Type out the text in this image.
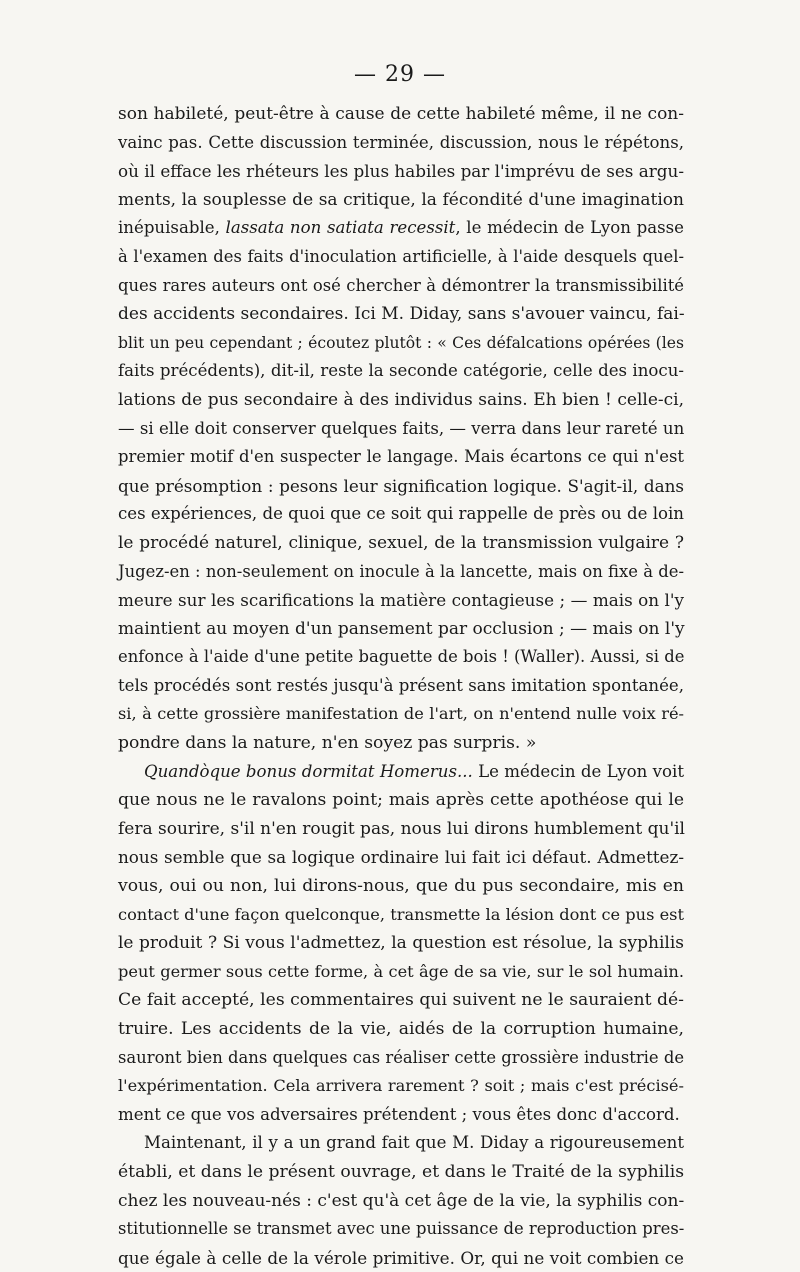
— 29 —
son habileté, peut-être à cause de cette habileté même, il ne con-
vainc pas. Cette discussion terminée, discussion, nous le répétons,
où il efface les rhéteurs les plus habiles par l'imprévu de ses argu-
ments, la souplesse de sa critique, la fécondité d'une imagination
inépuisable, lassata non satiata recessit, le médecin de Lyon passe
à l'examen des faits d'inoculation artificielle, à l'aide desquels quel-
ques rares auteurs ont osé chercher à démontrer la transmissibilité
des accidents secondaires. Ici M. Diday, sans s'avouer vaincu, fai-
blit un peu cependant ; écoutez plutôt : « Ces défalcations opérées (les
faits précédents), dit-il, reste la seconde catégorie, celle des inocu-
lations de pus secondaire à des individus sains. Eh bien ! celle-ci,
— si elle doit conserver quelques faits, — verra dans leur rareté un
premier motif d'en suspecter le langage. Mais écartons ce qui n'est
que présomption : pesons leur signification logique. S'agit-il, dans
ces expériences, de quoi que ce soit qui rappelle de près ou de loin
le procédé naturel, clinique, sexuel, de la transmission vulgaire ?
Jugez-en : non-seulement on inocule à la lancette, mais on fixe à de-
meure sur les scarifications la matière contagieuse ; — mais on l'y
maintient au moyen d'un pansement par occlusion ; — mais on l'y
enfonce à l'aide d'une petite baguette de bois ! (Waller). Aussi, si de
tels procédés sont restés jusqu'à présent sans imitation spontanée,
si, à cette grossière manifestation de l'art, on n'entend nulle voix ré-
pondre dans la nature, n'en soyez pas surpris. »
Quandòque bonus dormitat Homerus... Le médecin de Lyon voit
que nous ne le ravalons point; mais après cette apothéose qui le
fera sourire, s'il n'en rougit pas, nous lui dirons humblement qu'il
nous semble que sa logique ordinaire lui fait ici défaut. Admettez-
vous, oui ou non, lui dirons-nous, que du pus secondaire, mis en
contact d'une façon quelconque, transmette la lésion dont ce pus est
le produit ? Si vous l'admettez, la question est résolue, la syphilis
peut germer sous cette forme, à cet âge de sa vie, sur le sol humain.
Ce fait accepté, les commentaires qui suivent ne le sauraient dé-
truire. Les accidents de la vie, aidés de la corruption humaine,
sauront bien dans quelques cas réaliser cette grossière industrie de
l'expérimentation. Cela arrivera rarement ? soit ; mais c'est précisé-
ment ce que vos adversaires prétendent ; vous êtes donc d'accord.
Maintenant, il y a un grand fait que M. Diday a rigoureusement
établi, et dans le présent ouvrage, et dans le Traité de la syphilis
chez les nouveau-nés : c'est qu'à cet âge de la vie, la syphilis con-
stitutionnelle se transmet avec une puissance de reproduction pres-
que égale à celle de la vérole primitive. Or, qui ne voit combien ce
